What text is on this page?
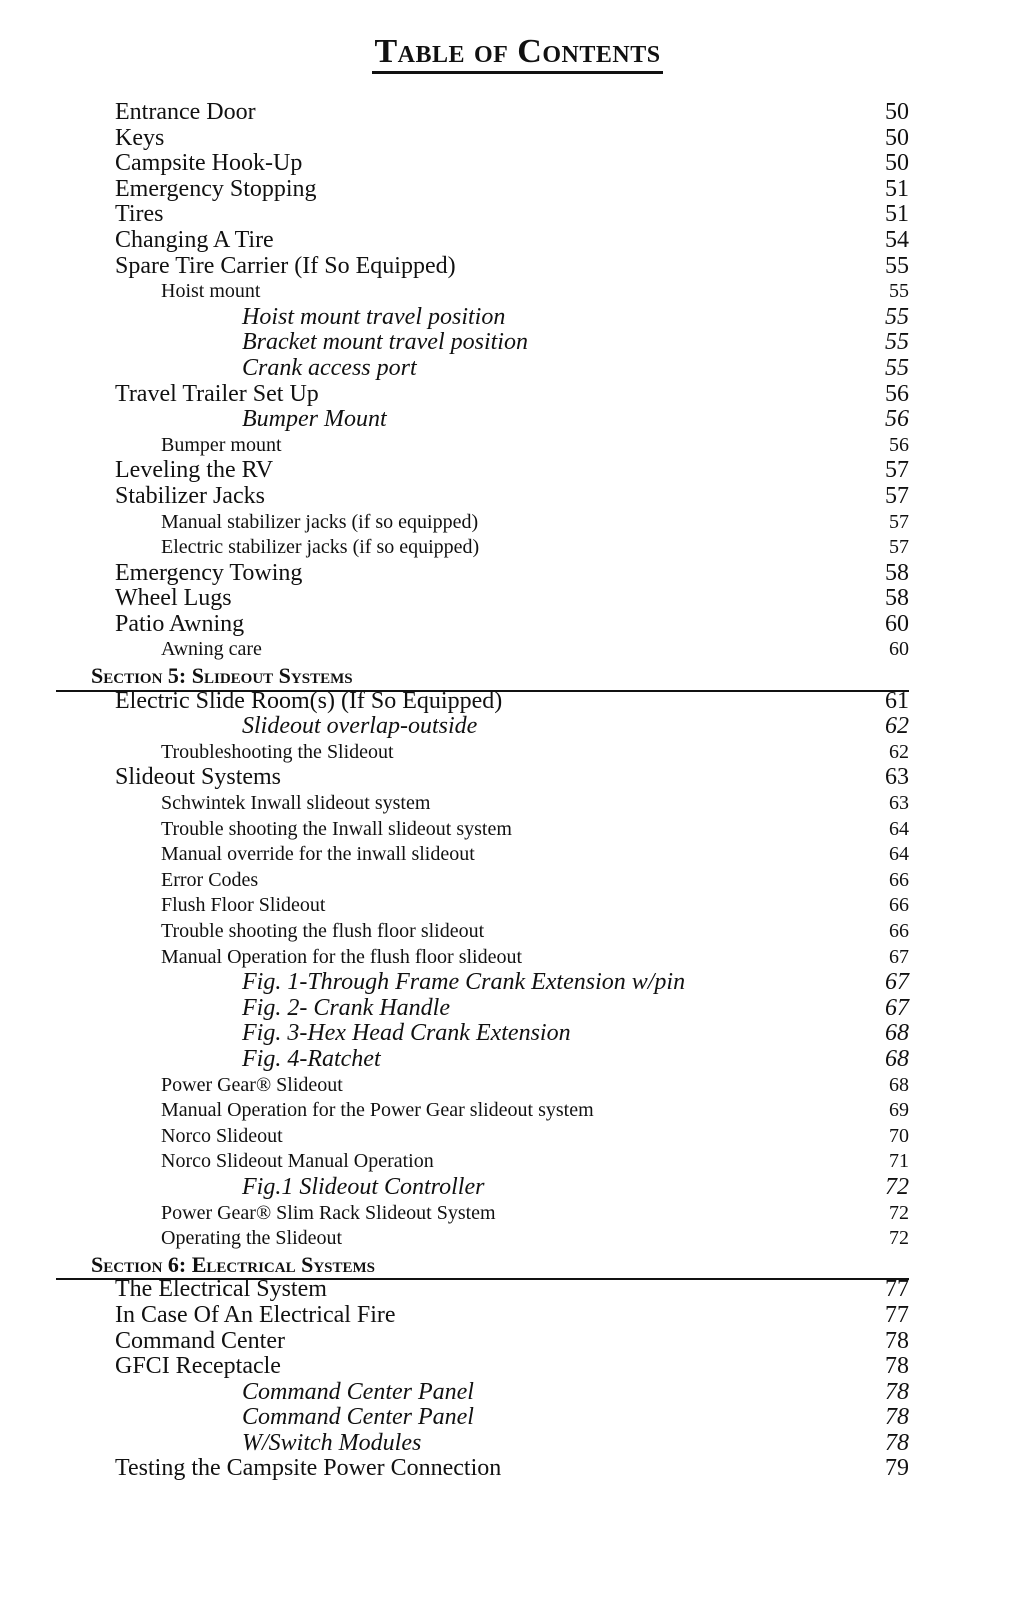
Table of Contents
Entrance Door	50
Keys	50
Campsite Hook-Up	50
Emergency Stopping	51
Tires	51
Changing A Tire	54
Spare Tire Carrier (If So Equipped)	55
Hoist mount	55
Hoist mount travel position	55
Bracket mount travel position	55
Crank access port	55
Travel Trailer Set Up	56
Bumper Mount	56
Bumper mount	56
Leveling the RV	57
Stabilizer Jacks	57
Manual stabilizer jacks (if so equipped)	57
Electric stabilizer jacks (if so equipped)	57
Emergency Towing	58
Wheel Lugs	58
Patio Awning	60
Awning care	60
Section 5: Slideout Systems
Electric Slide Room(s) (If So Equipped)	61
Slideout overlap-outside	62
Troubleshooting the Slideout	62
Slideout Systems	63
Schwintek Inwall slideout system	63
Trouble shooting the Inwall slideout system	64
Manual override for the inwall slideout	64
Error Codes	66
Flush Floor Slideout	66
Trouble shooting the flush floor slideout	66
Manual Operation for the flush floor slideout	67
Fig. 1-Through Frame Crank Extension w/pin	67
Fig. 2- Crank Handle	67
Fig. 3-Hex Head Crank Extension	68
Fig. 4-Ratchet	68
Power Gear® Slideout	68
Manual Operation for the Power Gear slideout system	69
Norco Slideout	70
Norco Slideout Manual Operation	71
Fig.1 Slideout Controller	72
Power Gear® Slim Rack Slideout System	72
Operating the Slideout	72
Section 6: Electrical Systems
The Electrical System	77
In Case Of An Electrical Fire	77
Command Center	78
GFCI Receptacle	78
Command Center Panel	78
Command Center Panel	78
W/Switch Modules	78
Testing the Campsite Power Connection	79
